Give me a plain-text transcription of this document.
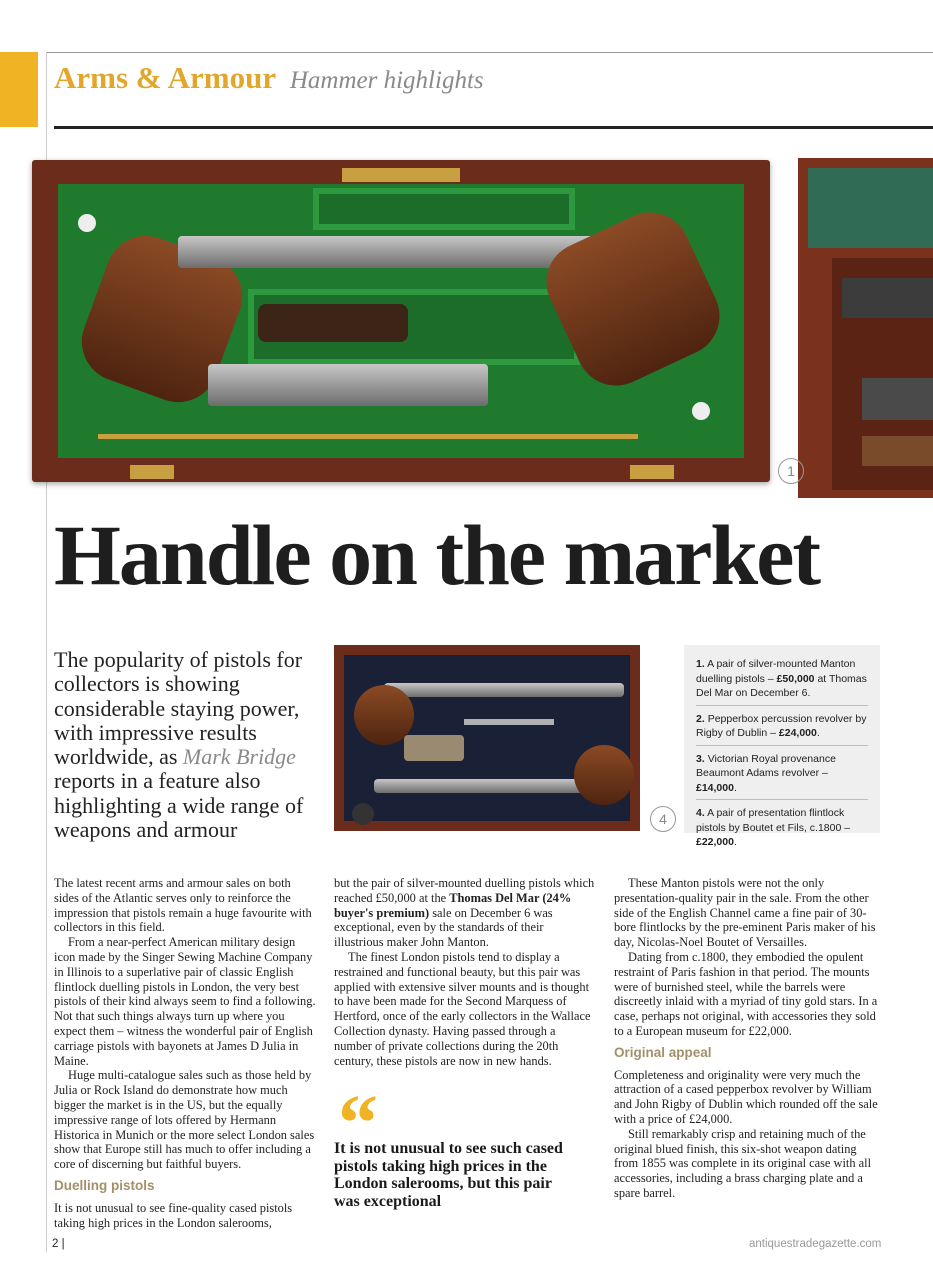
Arms & Armour Hammer highlights
1
Handle on the market
The popularity of pistols for collectors is showing considerable staying power, with impressive results worldwide, as Mark Bridge reports in a feature also highlighting a wide range of weapons and armour	4
1. A pair of silver-mounted Manton duelling pistols – £50,000 at Thomas Del Mar on December 6.
2. Pepperbox percussion revolver by Rigby of Dublin – £24,000.
3. Victorian Royal provenance Beaumont Adams revolver – £14,000.
4. A pair of presentation flintlock pistols by Boutet et Fils, c.1800 – £22,000.

The latest recent arms and armour sales on both sides of the Atlantic serves only to reinforce the impression that pistols remain a huge favourite with collectors in this field.

From a near-perfect American military design icon made by the Singer Sewing Machine Company in Illinois to a superlative pair of classic English flintlock duelling pistols in London, the very best pistols of their kind always seem to find a following. Not that such things always turn up where you expect them – witness the wonderful pair of English carriage pistols with bayonets at James D Julia in Maine.

Huge multi-catalogue sales such as those held by Julia or Rock Island do demonstrate how much bigger the market is in the US, but the equally impressive range of lots offered by Hermann Historica in Munich or the more select London sales show that Europe still has much to offer including a core of discerning but faithful buyers.

Duelling pistols

It is not unusual to see fine-quality cased pistols taking high prices in the London salerooms,

but the pair of silver-mounted duelling pistols which reached £50,000 at the Thomas Del Mar (24% buyer's premium) sale on December 6 was exceptional, even by the standards of their illustrious maker John Manton.

The finest London pistols tend to display a restrained and functional beauty, but this pair was applied with extensive silver mounts and is thought to have been made for the Second Marquess of Hertford, once of the early collectors in the Wallace Collection dynasty. Having passed through a number of private collections during the 20th century, these pistols are now in new hands.

“
It is not unusual to see such cased pistols taking high prices in the London salerooms, but this pair was exceptional

These Manton pistols were not the only presentation-quality pair in the sale. From the other side of the English Channel came a fine pair of 30-bore flintlocks by the pre-eminent Paris maker of his day, Nicolas-Noel Boutet of Versailles.

Dating from c.1800, they embodied the opulent restraint of Paris fashion in that period. The mounts were of burnished steel, while the barrels were discreetly inlaid with a myriad of tiny gold stars. In a case, perhaps not original, with accessories they sold to a European museum for £22,000.

Original appeal

Completeness and originality were very much the attraction of a cased pepperbox revolver by William and John Rigby of Dublin which rounded off the sale with a price of £24,000.

Still remarkably crisp and retaining much of the original blued finish, this six-shot weapon dating from 1855 was complete in its original case with all accessories, including a brass charging plate and a spare barrel.

2 |	antiquestradegazette.com
